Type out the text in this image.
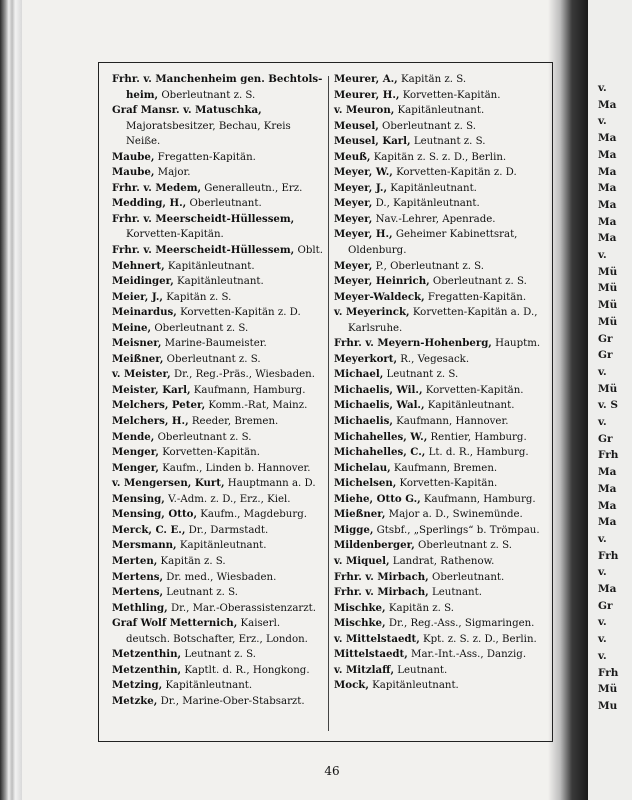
v.
Ma
v.
Ma
Ma
Ma
Ma
Ma
Ma
Ma
v.
Mü
Mü
Mü
Mü
Gr
Gr
v.
Mü
v. S
v.
Gr
Frh
Ma
Ma
Ma
Ma
v.
Frh
v.
Ma
Gr
v.
v.
v.
Frh
Mü
Mu
Frhr. v. Manchenheim gen. Bechtols-heim, Oberleutnant z. S.
Graf Mansr. v. Matuschka, Majoratsbesitzer, Bechau, Kreis Neiße.
Maube, Fregatten-Kapitän.
Maube, Major.
Frhr. v. Medem, Generalleutn., Erz.
Medding, H., Oberleutnant.
Frhr. v. Meerscheidt-Hüllessem, Korvetten-Kapitän.
Frhr. v. Meerscheidt-Hüllessem, Oblt.
Mehnert, Kapitänleutnant.
Meidinger, Kapitänleutnant.
Meier, J., Kapitän z. S.
Meinardus, Korvetten-Kapitän z. D.
Meine, Oberleutnant z. S.
Meisner, Marine-Baumeister.
Meißner, Oberleutnant z. S.
v. Meister, Dr., Reg.-Präs., Wiesbaden.
Meister, Karl, Kaufmann, Hamburg.
Melchers, Peter, Komm.-Rat, Mainz.
Melchers, H., Reeder, Bremen.
Mende, Oberleutnant z. S.
Menger, Korvetten-Kapitän.
Menger, Kaufm., Linden b. Hannover.
v. Mengersen, Kurt, Hauptmann a. D.
Mensing, V.-Adm. z. D., Erz., Kiel.
Mensing, Otto, Kaufm., Magdeburg.
Merck, C. E., Dr., Darmstadt.
Mersmann, Kapitänleutnant.
Merten, Kapitän z. S.
Mertens, Dr. med., Wiesbaden.
Mertens, Leutnant z. S.
Methling, Dr., Mar.-Oberassistenzarzt.
Graf Wolf Metternich, Kaiserl. deutsch. Botschafter, Erz., London.
Metzenthin, Leutnant z. S.
Metzenthin, Kaptlt. d. R., Hongkong.
Metzing, Kapitänleutnant.
Metzke, Dr., Marine-Ober-Stabsarzt.
Meurer, A., Kapitän z. S.
Meurer, H., Korvetten-Kapitän.
v. Meuron, Kapitänleutnant.
Meusel, Oberleutnant z. S.
Meusel, Karl, Leutnant z. S.
Meuß, Kapitän z. S. z. D., Berlin.
Meyer, W., Korvetten-Kapitän z. D.
Meyer, J., Kapitänleutnant.
Meyer, D., Kapitänleutnant.
Meyer, Nav.-Lehrer, Apenrade.
Meyer, H., Geheimer Kabinettsrat, Oldenburg.
Meyer, P., Oberleutnant z. S.
Meyer, Heinrich, Oberleutnant z. S.
Meyer-Waldeck, Fregatten-Kapitän.
v. Meyerinck, Korvetten-Kapitän a. D., Karlsruhe.
Frhr. v. Meyern-Hohenberg, Hauptm.
Meyerkort, R., Vegesack.
Michael, Leutnant z. S.
Michaelis, Wil., Korvetten-Kapitän.
Michaelis, Wal., Kapitänleutnant.
Michaelis, Kaufmann, Hannover.
Michahelles, W., Rentier, Hamburg.
Michahelles, C., Lt. d. R., Hamburg.
Michelau, Kaufmann, Bremen.
Michelsen, Korvetten-Kapitän.
Miehe, Otto G., Kaufmann, Hamburg.
Mießner, Major a. D., Swinemünde.
Migge, Gtsbf., „Sperlings“ b. Trömpau.
Mildenberger, Oberleutnant z. S.
v. Miquel, Landrat, Rathenow.
Frhr. v. Mirbach, Oberleutnant.
Frhr. v. Mirbach, Leutnant.
Mischke, Kapitän z. S.
Mischke, Dr., Reg.-Ass., Sigmaringen.
v. Mittelstaedt, Kpt. z. S. z. D., Berlin.
Mittelstaedt, Mar.-Int.-Ass., Danzig.
v. Mitzlaff, Leutnant.
Mock, Kapitänleutnant.
46
